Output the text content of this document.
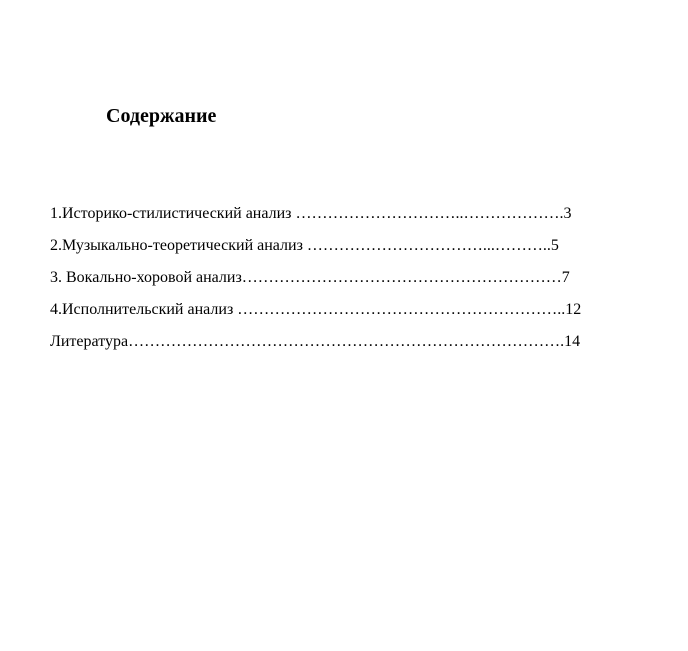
Содержание
1.Историко-стилистический анализ …………………………..……………….3
2.Музыкально-теоретический анализ ……………………………...………..5
3. Вокально-хоровой анализ……………………………………………………7
4.Исполнительский анализ ……………………………………………………..12
Литература……………………………………………………………………….14
